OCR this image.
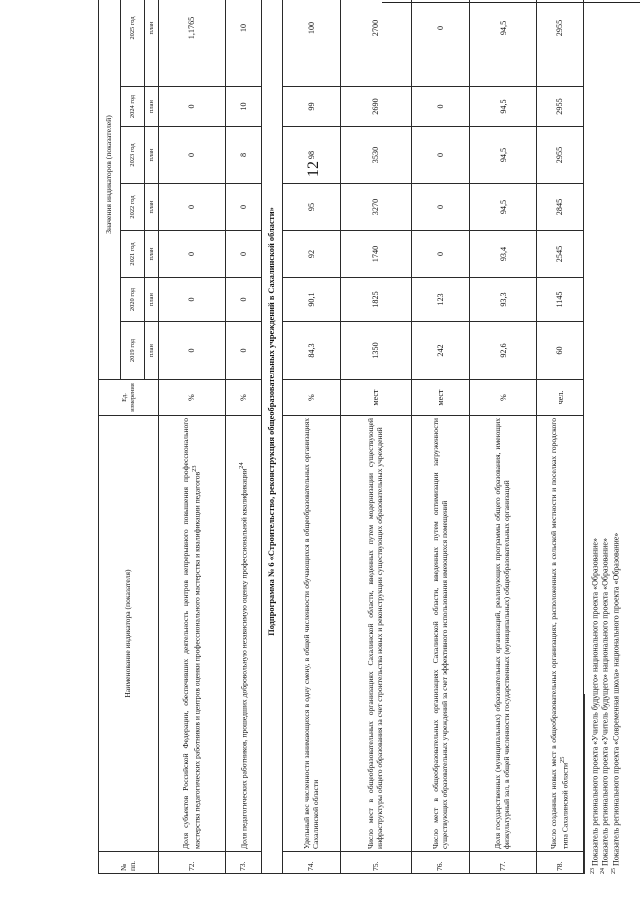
12
№ пп.	Наименование индикатора (показателя)	Ед. измерения	Значения индикаторов (показателей)						
			2019 год	2020 год	2021 год	2022 год	2023 год	2024 год	2025 год
			план	план	план	план	план	план	план
72.	Доля субъектов Российской Федерации, обеспечивших деятельность центров непрерывного повышения профессионального мастерства педагогических работников и центров оценки профессионального мастерства и квалификации педагогов$^{23}$	%	0	0	0	0	0	0	1,1765
73.	Доля педагогических работников, прошедших добровольную независимую оценку профессиональной квалификации$^{24}$	%	0	0	0	0	8	10	10
Подпрограмма № 6 «Строительство, реконструкция общеобразовательных учреждений в Сахалинской области»									
74.	Удельный вес численности занимающихся в одну смену, в общей численности обучающихся в общеобразовательных организациях Сахалинской области	%	84,3	90,1	92	95	98	99	100
75.	Число мест в общеобразовательных организациях Сахалинской области, введенных путем модернизации существующей инфраструктуры общего образования за счет строительства новых и реконструкции существующих образовательных учреждений	мест	1350	1825	1740	3270	3530	2690	2700
76.	Число мест в общеобразовательных организациях Сахалинской области, введенных путем оптимизации загруженности существующих образовательных учреждений за счет эффективного использования имеющихся помещений	мест	242	123	0	0	0	0	0
77.	Доля государственных (муниципальных) образовательных организаций, реализующих программы общего образования, имеющих физкультурный зал, в общей численности государственных (муниципальных) общеобразовательных организаций	%	92,6	93,3	93,4	94,5	94,5	94,5	94,5
78.	Число созданных новых мест в общеобразовательных организациях, расположенных в сельской местности и поселках городского типа Сахалинской области$^{25}$	чел.	60	1145	2545	2845	2955	2955	2955
$^{23}$ Показатель регионального проекта «Учитель будущего» национального проекта «Образование»
$^{24}$ Показатель регионального проекта «Учитель будущего» национального проекта «Образование»
$^{25}$ Показатель регионального проекта «Современная школа» национального проекта «Образование»
